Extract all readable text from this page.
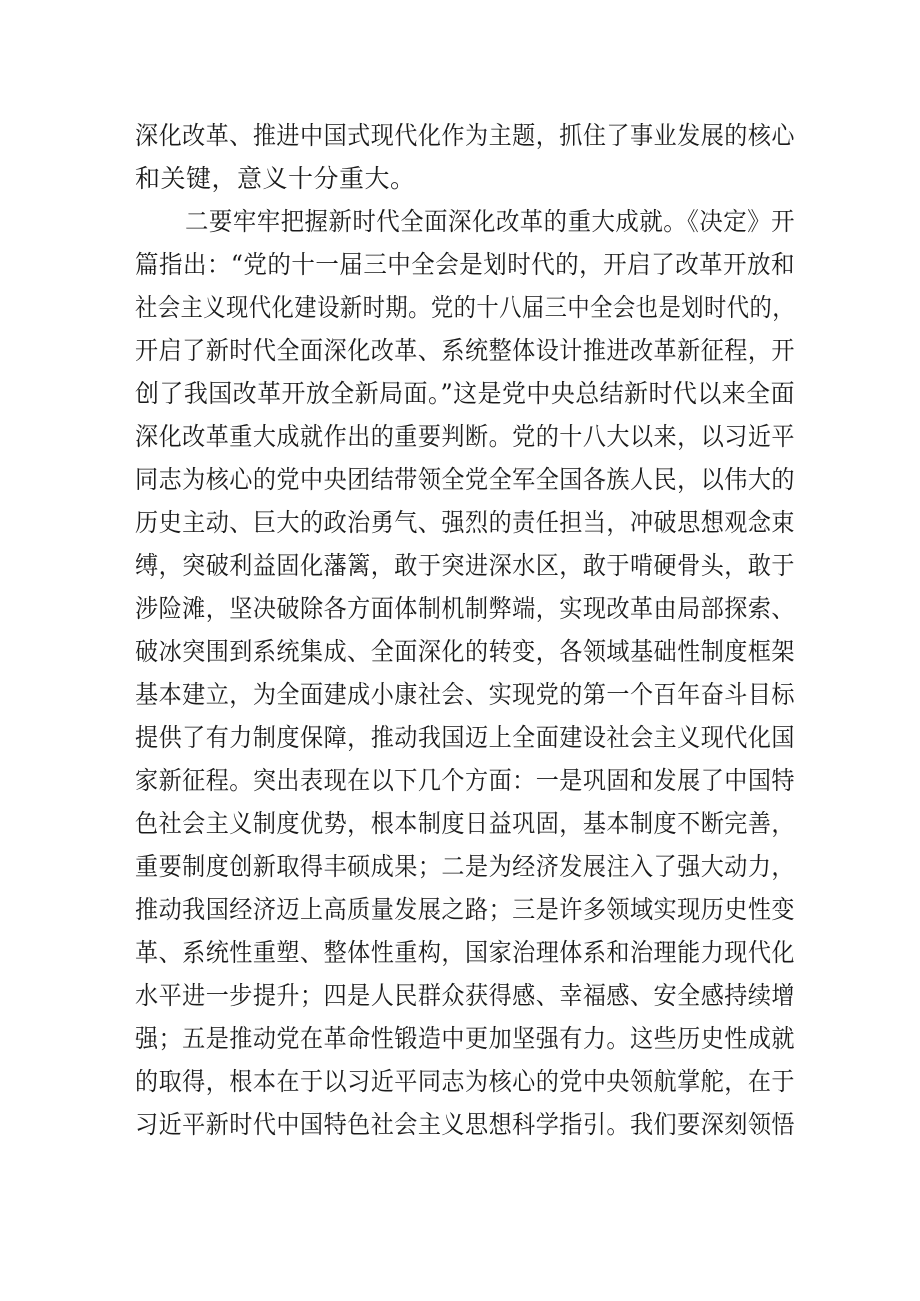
深化改革、推进中国式现代化作为主题，抓住了事业发展的核心
和关键，意义十分重大。
二要牢牢把握新时代全面深化改革的重大成就。《决定》开
篇指出：“党的十一届三中全会是划时代的，开启了改革开放和
社会主义现代化建设新时期。党的十八届三中全会也是划时代的，
开启了新时代全面深化改革、系统整体设计推进改革新征程，开
创了我国改革开放全新局面。”这是党中央总结新时代以来全面
深化改革重大成就作出的重要判断。党的十八大以来，以习近平
同志为核心的党中央团结带领全党全军全国各族人民，以伟大的
历史主动、巨大的政治勇气、强烈的责任担当，冲破思想观念束
缚，突破利益固化藩篱，敢于突进深水区，敢于啃硬骨头，敢于
涉险滩，坚决破除各方面体制机制弊端，实现改革由局部探索、
破冰突围到系统集成、全面深化的转变，各领域基础性制度框架
基本建立，为全面建成小康社会、实现党的第一个百年奋斗目标
提供了有力制度保障，推动我国迈上全面建设社会主义现代化国
家新征程。突出表现在以下几个方面：一是巩固和发展了中国特
色社会主义制度优势，根本制度日益巩固，基本制度不断完善，
重要制度创新取得丰硕成果；二是为经济发展注入了强大动力，
推动我国经济迈上高质量发展之路；三是许多领域实现历史性变
革、系统性重塑、整体性重构，国家治理体系和治理能力现代化
水平进一步提升；四是人民群众获得感、幸福感、安全感持续增
强；五是推动党在革命性锻造中更加坚强有力。这些历史性成就
的取得，根本在于以习近平同志为核心的党中央领航掌舵，在于
习近平新时代中国特色社会主义思想科学指引。我们要深刻领悟
